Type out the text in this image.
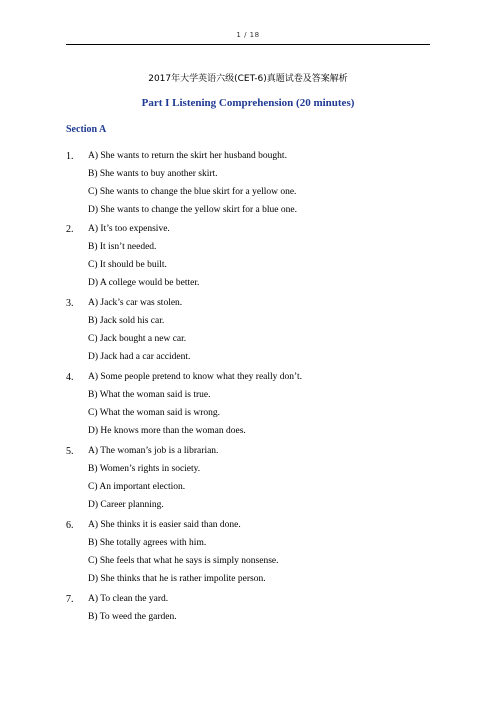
1 / 18
2017年大学英语六级(CET-6)真题试卷及答案解析
Part I Listening Comprehension (20 minutes)
Section A
1. A) She wants to return the skirt her husband bought.
B) She wants to buy another skirt.
C) She wants to change the blue skirt for a yellow one.
D) She wants to change the yellow skirt for a blue one.
2. A) It’s too expensive.
B) It isn’t needed.
C) It should be built.
D) A college would be better.
3. A) Jack’s car was stolen.
B) Jack sold his car.
C) Jack bought a new car.
D) Jack had a car accident.
4. A) Some people pretend to know what they really don’t.
B) What the woman said is true.
C) What the woman said is wrong.
D) He knows more than the woman does.
5. A) The woman’s job is a librarian.
B) Women’s rights in society.
C) An important election.
D) Career planning.
6. A) She thinks it is easier said than done.
B) She totally agrees with him.
C) She feels that what he says is simply nonsense.
D) She thinks that he is rather impolite person.
7. A) To clean the yard.
B) To weed the garden.
